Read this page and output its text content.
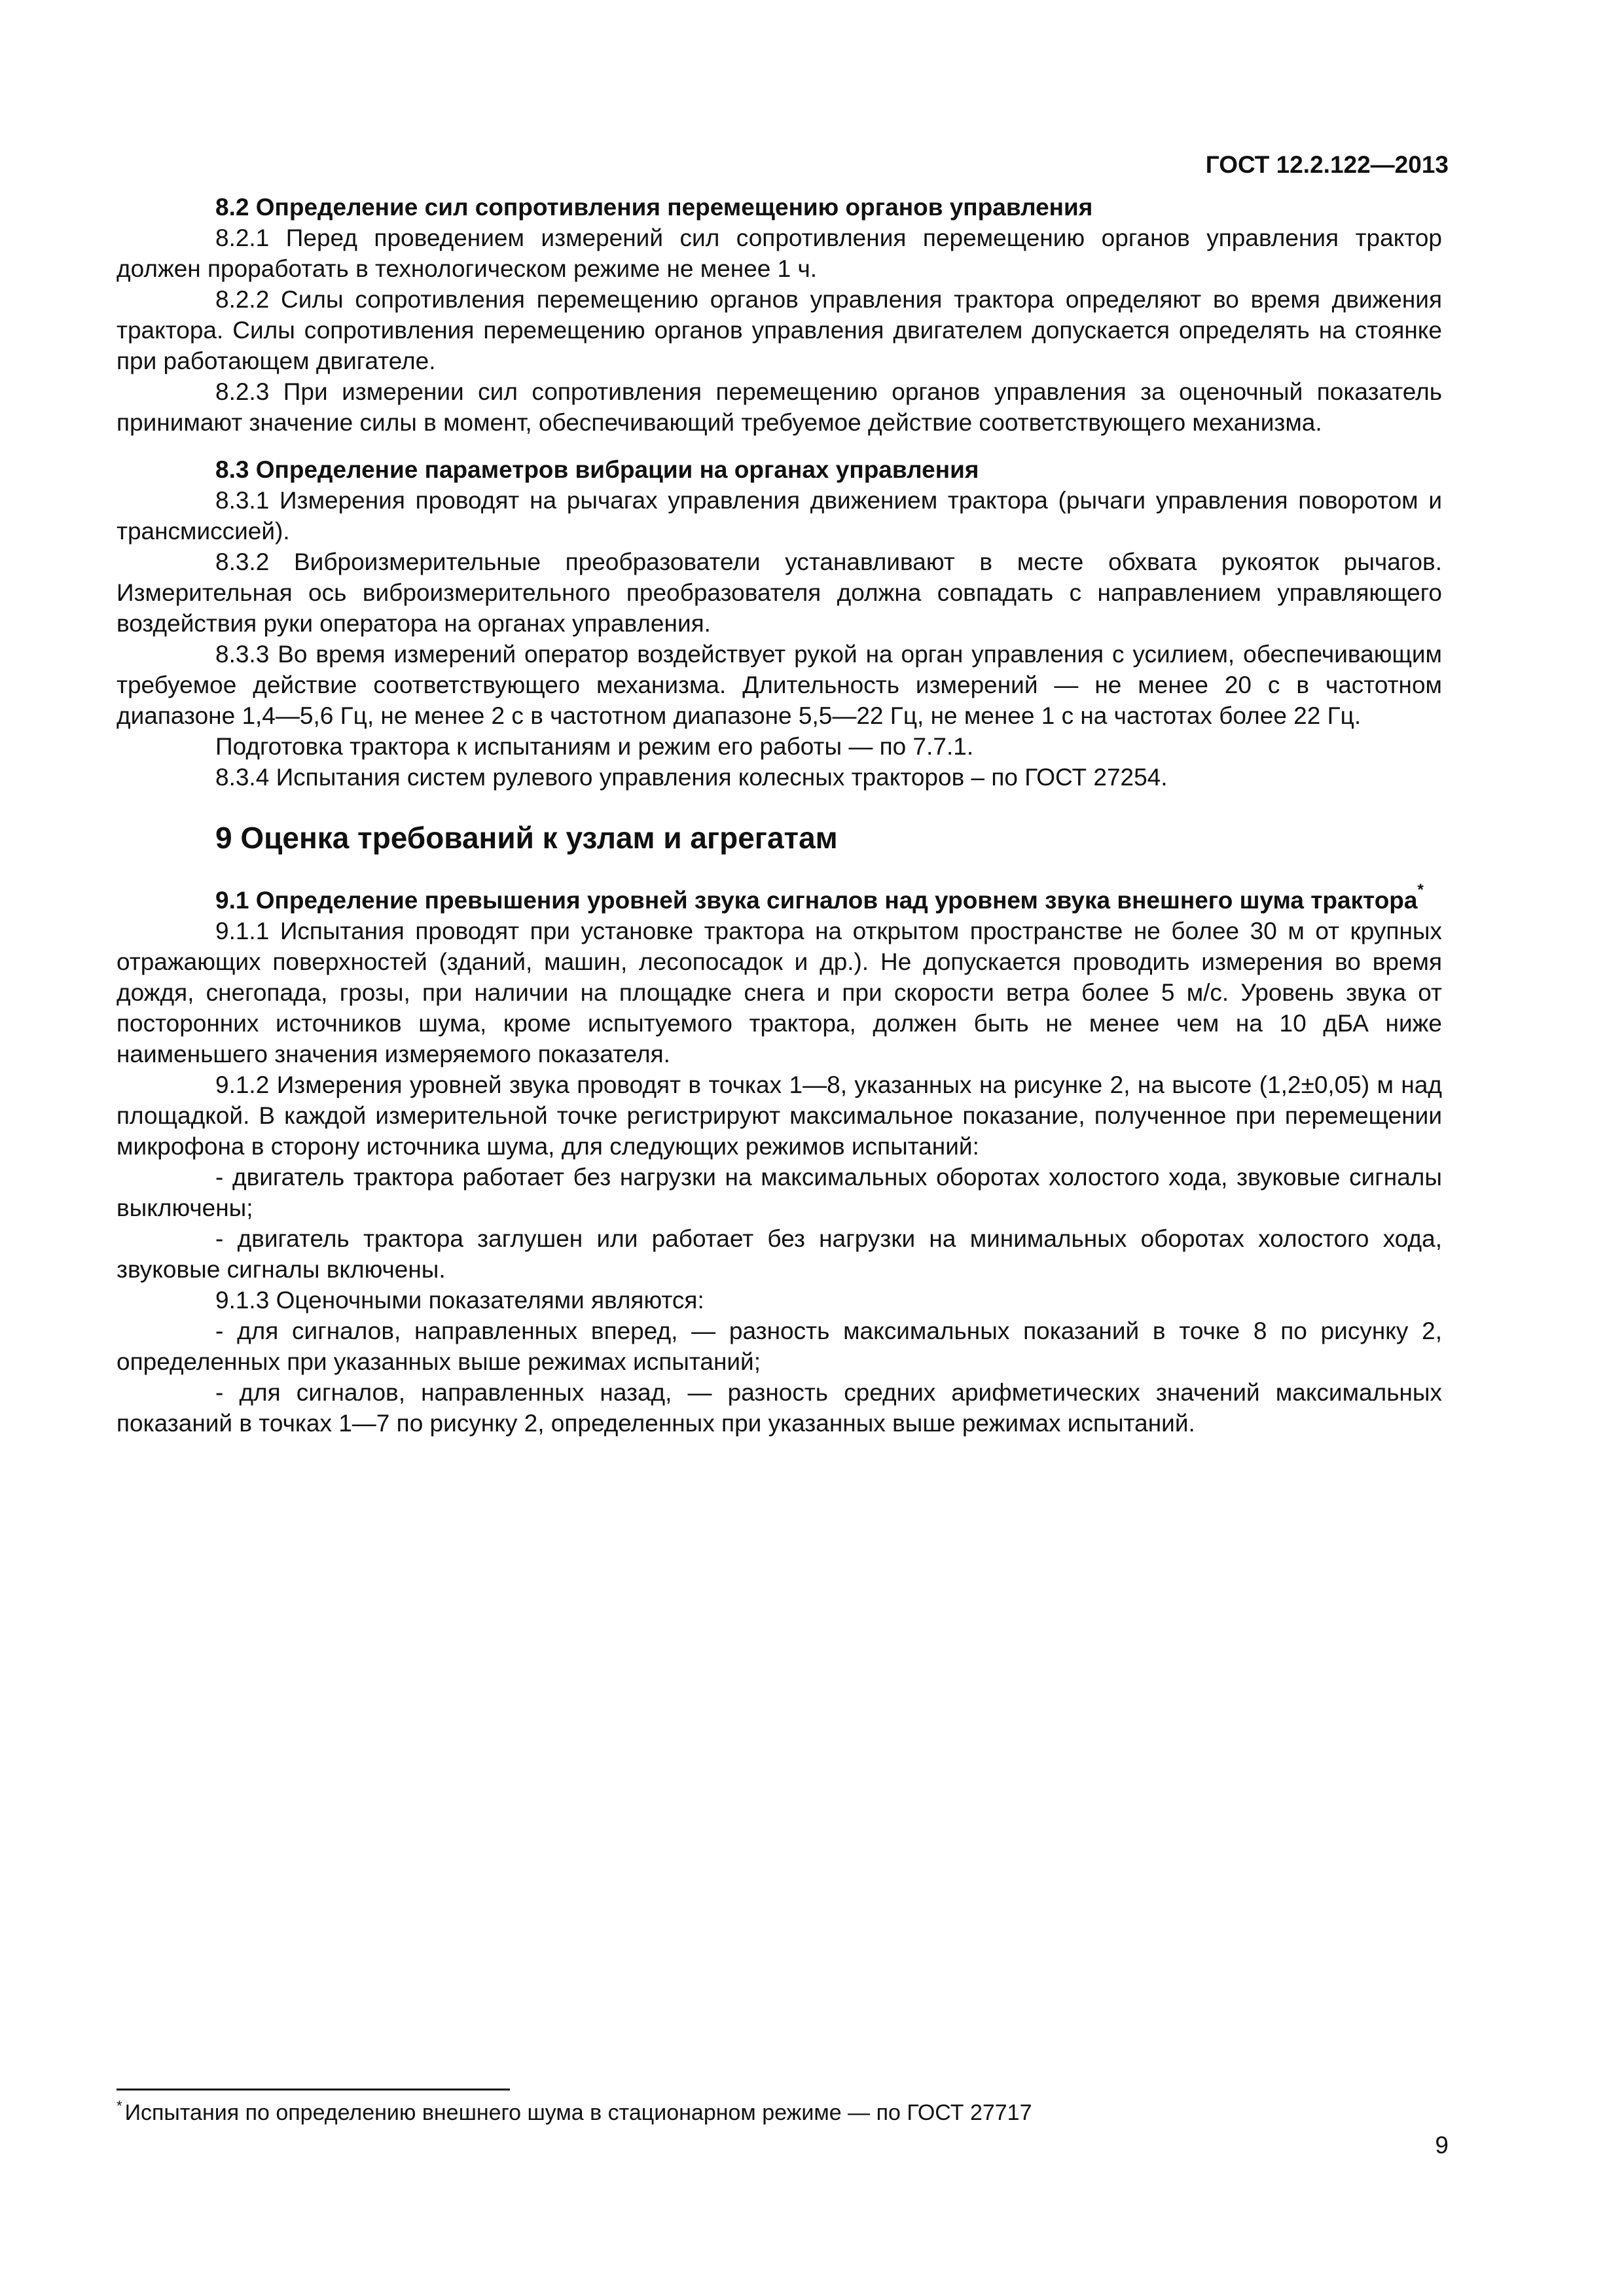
ГОСТ 12.2.122—2013

8.2 Определение сил сопротивления перемещению органов управления

8.2.1 Перед проведением измерений сил сопротивления перемещению органов управления трактор должен проработать в технологическом режиме не менее 1 ч.

8.2.2 Силы сопротивления перемещению органов управления трактора определяют во время движения трактора. Силы сопротивления перемещению органов управления двигателем допускается определять на стоянке при работающем двигателе.

8.2.3 При измерении сил сопротивления перемещению органов управления за оценочный показатель принимают значение силы в момент, обеспечивающий требуемое действие соответствующего механизма.

8.3 Определение параметров вибрации на органах управления

8.3.1 Измерения проводят на рычагах управления движением трактора (рычаги управления поворотом и трансмиссией).

8.3.2 Виброизмерительные преобразователи устанавливают в месте обхвата рукояток рычагов. Измерительная ось виброизмерительного преобразователя должна совпадать с направлением управляющего воздействия руки оператора на органах управления.

8.3.3 Во время измерений оператор воздействует рукой на орган управления с усилием, обеспечивающим требуемое действие соответствующего механизма. Длительность измерений — не менее 20 с в частотном диапазоне 1,4—5,6 Гц, не менее 2 с в частотном диапазоне 5,5—22 Гц, не менее 1 с на частотах более 22 Гц.

Подготовка трактора к испытаниям и режим его работы — по 7.7.1.

8.3.4 Испытания систем рулевого управления колесных тракторов – по ГОСТ 27254.

9 Оценка требований к узлам и агрегатам

9.1 Определение превышения уровней звука сигналов над уровнем звука внешнего шума трактора*

9.1.1 Испытания проводят при установке трактора на открытом пространстве не более 30 м от крупных отражающих поверхностей (зданий, машин, лесопосадок и др.). Не допускается проводить измерения во время дождя, снегопада, грозы, при наличии на площадке снега и при скорости ветра более 5 м/с. Уровень звука от посторонних источников шума, кроме испытуемого трактора, должен быть не менее чем на 10 дБА ниже наименьшего значения измеряемого показателя.

9.1.2 Измерения уровней звука проводят в точках 1—8, указанных на рисунке 2, на высоте (1,2±0,05) м над площадкой. В каждой измерительной точке регистрируют максимальное показание, полученное при перемещении микрофона в сторону источника шума, для следующих режимов испытаний:

- двигатель трактора работает без нагрузки на максимальных оборотах холостого хода, звуковые сигналы выключены;

- двигатель трактора заглушен или работает без нагрузки на минимальных оборотах холостого хода, звуковые сигналы включены.

9.1.3 Оценочными показателями являются:

- для сигналов, направленных вперед, — разность максимальных показаний в точке 8 по рисунку 2, определенных при указанных выше режимах испытаний;

- для сигналов, направленных назад, — разность средних арифметических значений максимальных показаний в точках 1—7 по рисунку 2, определенных при указанных выше режимах испытаний.

* Испытания по определению внешнего шума в стационарном режиме — по ГОСТ 27717
9
